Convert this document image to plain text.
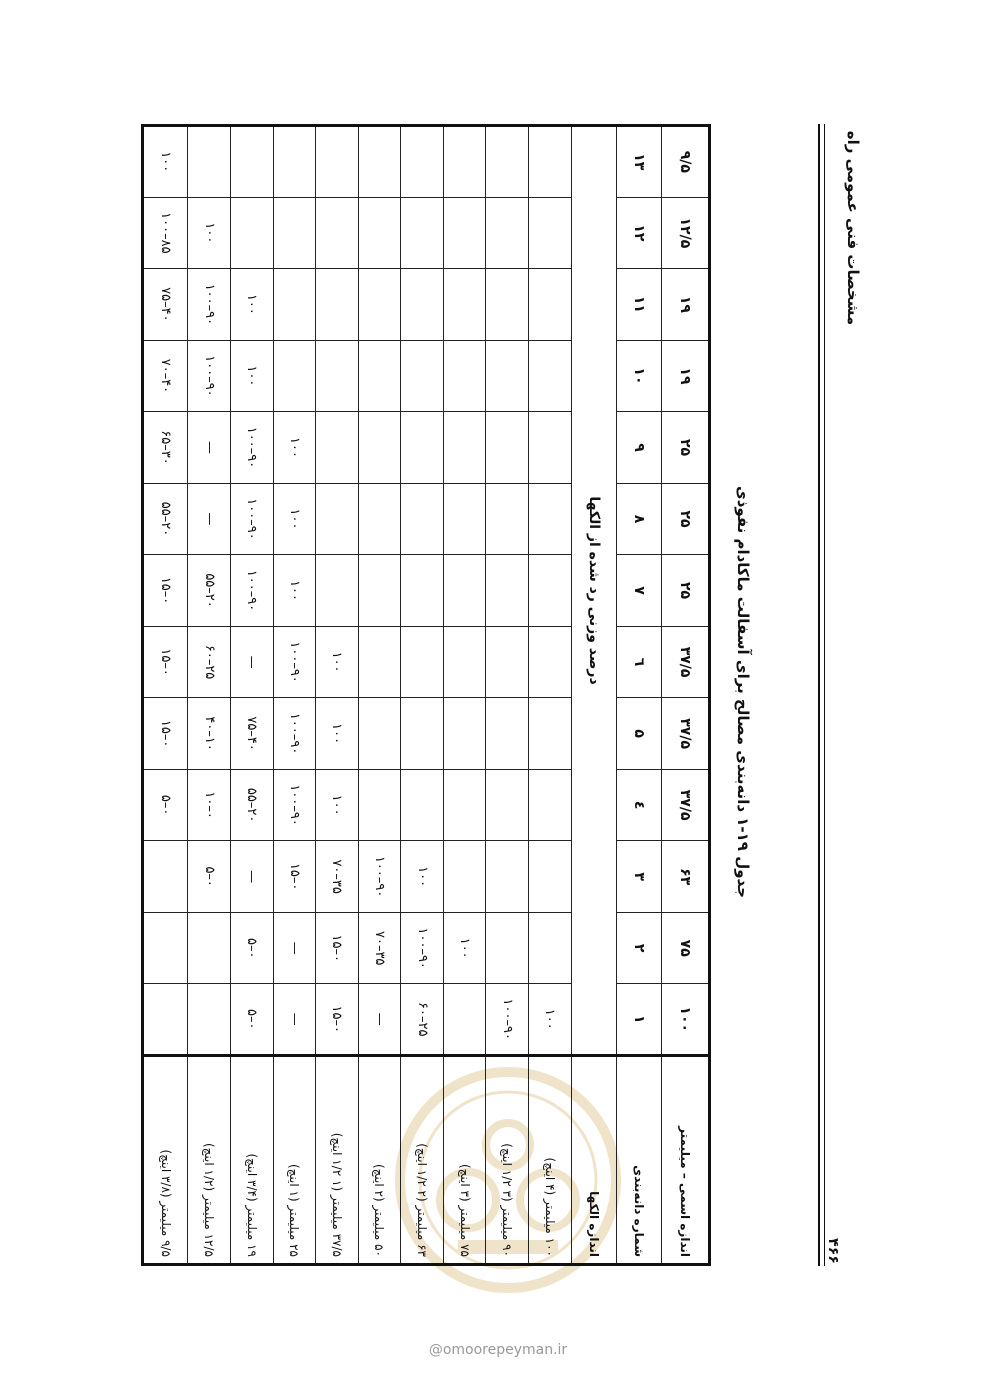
مشخصات فنی عمومی راه
۴۶۶
جدول ۱۹-۱ دانه‌بندی مصالح برای آسفالت ماکادام نفوذی
اندازه اسمی – میلیمتر	۱۰۰	۷۵	۶۳	۳۷/۵	۳۷/۵	۳۷/۵	۲۵	۲۵	۲۵	۱۹	۱۹	۱۲/۵	۹/۵
شماره دانه‌بندی	۱	۲	۳	٤	۵	٦	۷	۸	۹	۱۰	۱۱	۱۲	۱۳
اندازه الکها	درصد وزنی رد شده از الکها												
۱۰۰ میلیمتر (۴ اینچ)	۱۰۰												
۹۰ میلیمتر (۳ ۱/۲ اینچ)	۹۰–۱۰۰												
۷۵ میلیمتر (۳ اینچ)		۱۰۰											
۶۳ میلیمتر (۲ ۱/۲ اینچ)	۲۵–۶۰	۹۰–۱۰۰	۱۰۰										
۵۰ میلیمتر (۲ اینچ)	—	۳۵–۷۰	۹۰–۱۰۰										
۳۷/۵ میلیمتر (۱ ۱/۲ اینچ)	۰–۱۵	۰–۱۵	۳۵–۷۰	۱۰۰	۱۰۰	۱۰۰							
۲۵ میلیمتر (۱ اینچ)	—	—	۰–۱۵	۹۰–۱۰۰	۹۰–۱۰۰	۹۰–۱۰۰	۱۰۰	۱۰۰	۱۰۰				
۱۹ میلیمتر (۳/۴ اینچ)	۰–۵	۰–۵	—	۲۰–۵۵	۴۰–۷۵	—	۹۰–۱۰۰	۹۰–۱۰۰	۹۰–۱۰۰	۱۰۰	۱۰۰		
۱۲/۵ میلیمتر (۱/۲ اینچ)			۰–۵	۰–۱۰	۱۰–۴۰	۲۵–۶۰	۲۰–۵۵	—	—	۹۰–۱۰۰	۹۰–۱۰۰	۱۰۰	
۹/۵ میلیمتر (۳/۸ اینچ)				۰–۵	۰–۱۵	۰–۱۵	۰–۱۵	۲۰–۵۵	۳۰–۶۵	۴۰–۷۰	۴۰–۷۵	۸۵–۱۰۰	۱۰۰
@omoorepeyman.ir
